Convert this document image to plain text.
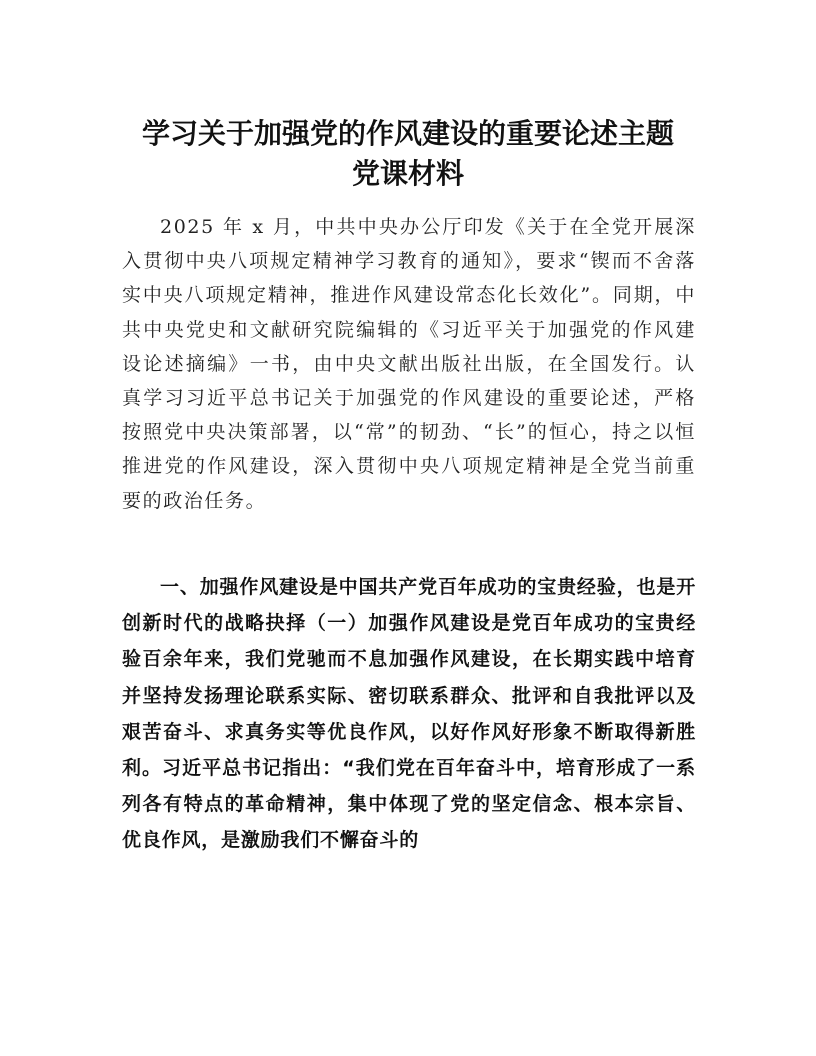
学习关于加强党的作风建设的重要论述主题
党课材料

2025 年 x 月，中共中央办公厅印发《关于在全党开展深入贯彻中央八项规定精神学习教育的通知》，要求“锲而不舍落实中央八项规定精神，推进作风建设常态化长效化”。同期，中共中央党史和文献研究院编辑的《习近平关于加强党的作风建设论述摘编》一书，由中央文献出版社出版，在全国发行。认真学习习近平总书记关于加强党的作风建设的重要论述，严格按照党中央决策部署，以“常”的韧劲、“长”的恒心，持之以恒推进党的作风建设，深入贯彻中央八项规定精神是全党当前重要的政治任务。

一、加强作风建设是中国共产党百年成功的宝贵经验，也是开创新时代的战略抉择（一）加强作风建设是党百年成功的宝贵经验百余年来，我们党驰而不息加强作风建设，在长期实践中培育并坚持发扬理论联系实际、密切联系群众、批评和自我批评以及艰苦奋斗、求真务实等优良作风，以好作风好形象不断取得新胜利。习近平总书记指出：“我们党在百年奋斗中，培育形成了一系列各有特点的革命精神，集中体现了党的坚定信念、根本宗旨、优良作风，是激励我们不懈奋斗的
